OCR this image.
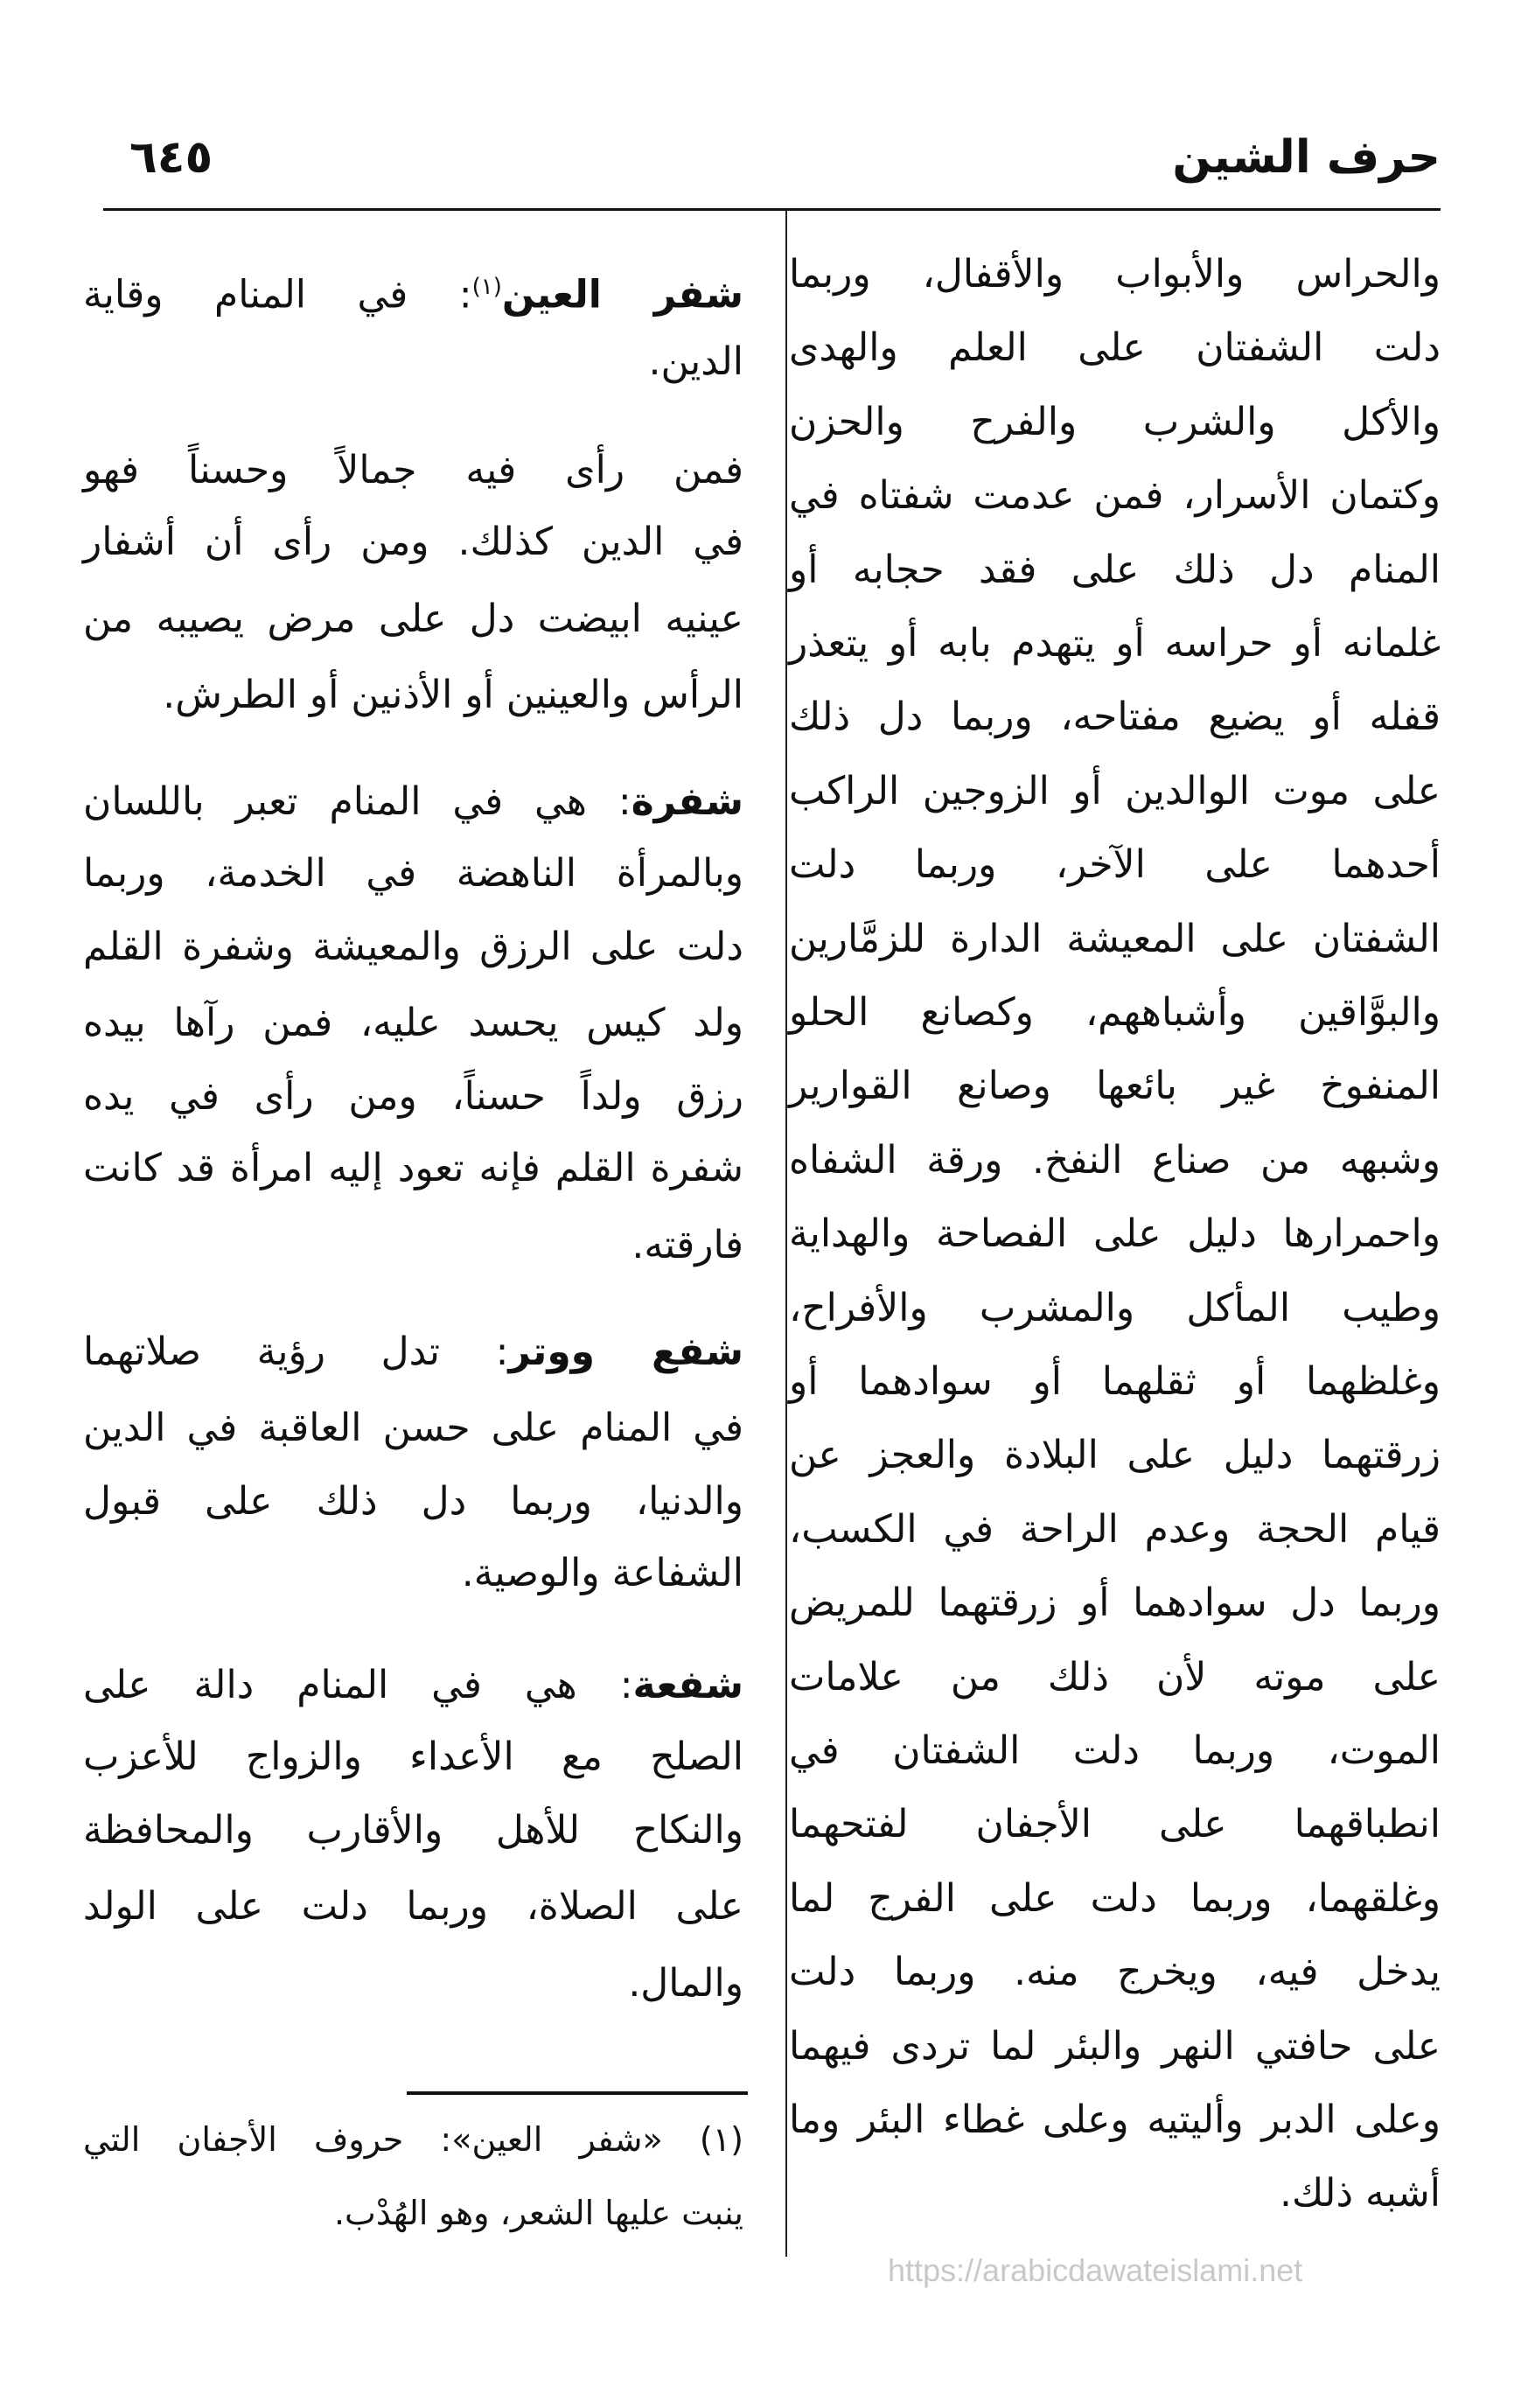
حرف الشين
٦٤٥
والحراس والأبواب والأقفال، وربما
دلت الشفتان على العلم والهدى
والأكل والشرب والفرح والحزن
وكتمان الأسرار، فمن عدمت شفتاه في
المنام دل ذلك على فقد حجابه أو
غلمانه أو حراسه أو يتهدم بابه أو يتعذر
قفله أو يضيع مفتاحه، وربما دل ذلك
على موت الوالدين أو الزوجين الراكب
أحدهما على الآخر، وربما دلت
الشفتان على المعيشة الدارة للزمَّارين
والبوَّاقين وأشباههم، وكصانع الحلو
المنفوخ غير بائعها وصانع القوارير
وشبهه من صناع النفخ. ورقة الشفاه
واحمرارها دليل على الفصاحة والهداية
وطيب المأكل والمشرب والأفراح،
وغلظهما أو ثقلهما أو سوادهما أو
زرقتهما دليل على البلادة والعجز عن
قيام الحجة وعدم الراحة في الكسب،
وربما دل سوادهما أو زرقتهما للمريض
على موته لأن ذلك من علامات
الموت، وربما دلت الشفتان في
انطباقهما على الأجفان لفتحهما
وغلقهما، وربما دلت على الفرج لما
يدخل فيه، ويخرج منه. وربما دلت
على حافتي النهر والبئر لما تردى فيهما
وعلى الدبر وأليتيه وعلى غطاء البئر وما
أشبه ذلك.
شفر العين$^{(١)}$: في المنام وقاية
الدين.
فمن رأى فيه جمالاً وحسناً فهو
في الدين كذلك. ومن رأى أن أشفار
عينيه ابيضت دل على مرض يصيبه من
الرأس والعينين أو الأذنين أو الطرش.
شفرة: هي في المنام تعبر باللسان
وبالمرأة الناهضة في الخدمة، وربما
دلت على الرزق والمعيشة وشفرة القلم
ولد كيس يحسد عليه، فمن رآها بيده
رزق ولداً حسناً، ومن رأى في يده
شفرة القلم فإنه تعود إليه امرأة قد كانت
فارقته.
شفع ووتر: تدل رؤية صلاتهما
في المنام على حسن العاقبة في الدين
والدنيا، وربما دل ذلك على قبول
الشفاعة والوصية.
شفعة: هي في المنام دالة على
الصلح مع الأعداء والزواج للأعزب
والنكاح للأهل والأقارب والمحافظة
على الصلاة، وربما دلت على الولد
والمال.
(١) «شفر العين»: حروف الأجفان التي
ينبت عليها الشعر، وهو الهُدْب.
https://arabicdawateislami.net
